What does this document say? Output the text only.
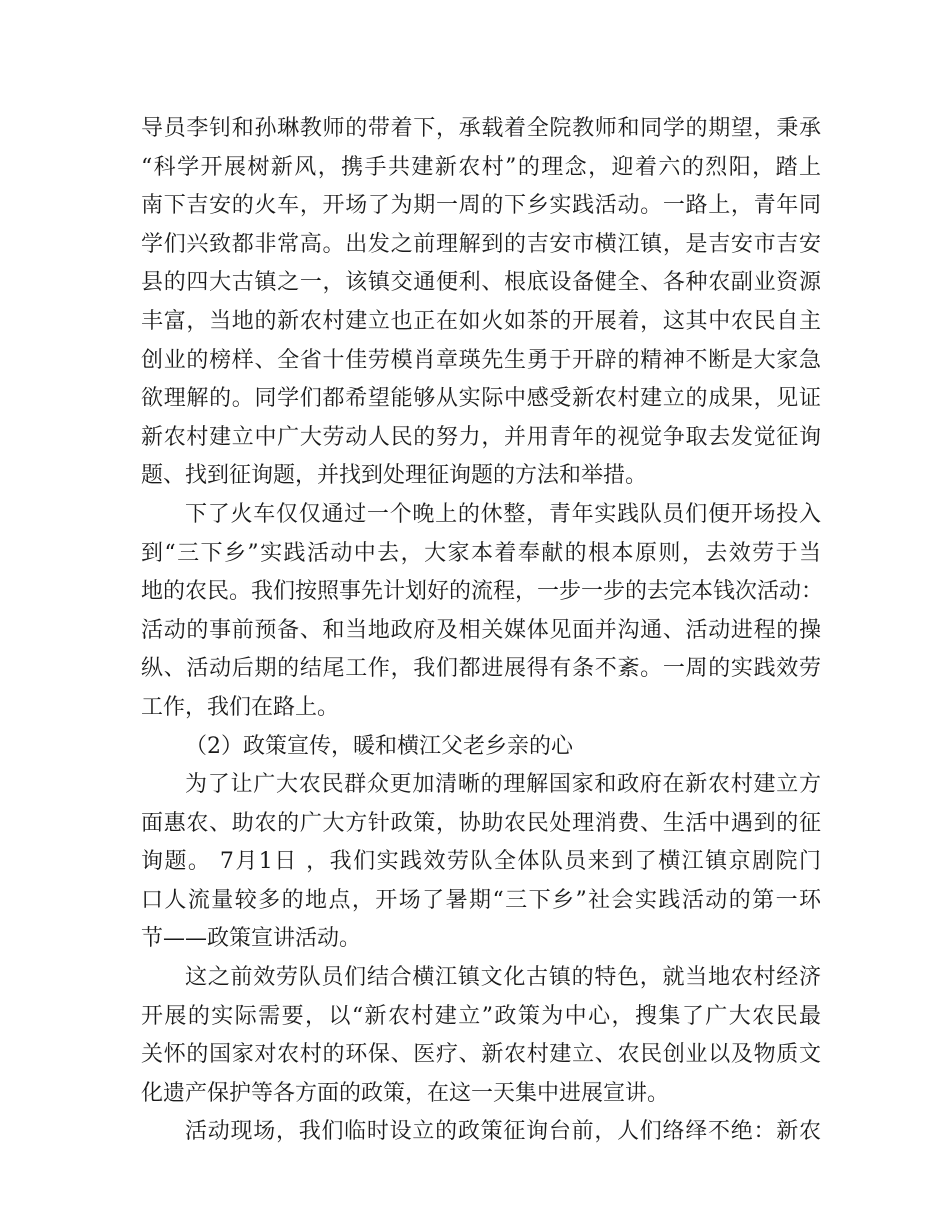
导员李钊和孙琳教师的带着下，承载着全院教师和同学的期望，秉承
“科学开展树新风，携手共建新农村”的理念，迎着六的烈阳，踏上
南下吉安的火车，开场了为期一周的下乡实践活动。一路上，青年同
学们兴致都非常高。出发之前理解到的吉安市横江镇，是吉安市吉安
县的四大古镇之一，该镇交通便利、根底设备健全、各种农副业资源
丰富，当地的新农村建立也正在如火如茶的开展着，这其中农民自主
创业的榜样、全省十佳劳模肖章瑛先生勇于开辟的精神不断是大家急
欲理解的。同学们都希望能够从实际中感受新农村建立的成果，见证
新农村建立中广大劳动人民的努力，并用青年的视觉争取去发觉征询
题、找到征询题，并找到处理征询题的方法和举措。
下了火车仅仅通过一个晚上的休整，青年实践队员们便开场投入
到“三下乡”实践活动中去，大家本着奉献的根本原则，去效劳于当
地的农民。我们按照事先计划好的流程，一步一步的去完本钱次活动：
活动的事前预备、和当地政府及相关媒体见面并沟通、活动进程的操
纵、活动后期的结尾工作，我们都进展得有条不紊。一周的实践效劳
工作，我们在路上。
（2）政策宣传，暖和横江父老乡亲的心
为了让广大农民群众更加清晰的理解国家和政府在新农村建立方
面惠农、助农的广大方针政策，协助农民处理消费、生活中遇到的征
询题。 7月1日 ，我们实践效劳队全体队员来到了横江镇京剧院门
口人流量较多的地点，开场了暑期“三下乡”社会实践活动的第一环
节——政策宣讲活动。
这之前效劳队员们结合横江镇文化古镇的特色，就当地农村经济
开展的实际需要，以“新农村建立”政策为中心，搜集了广大农民最
关怀的国家对农村的环保、医疗、新农村建立、农民创业以及物质文
化遗产保护等各方面的政策，在这一天集中进展宣讲。
活动现场，我们临时设立的政策征询台前，人们络绎不绝：新农
